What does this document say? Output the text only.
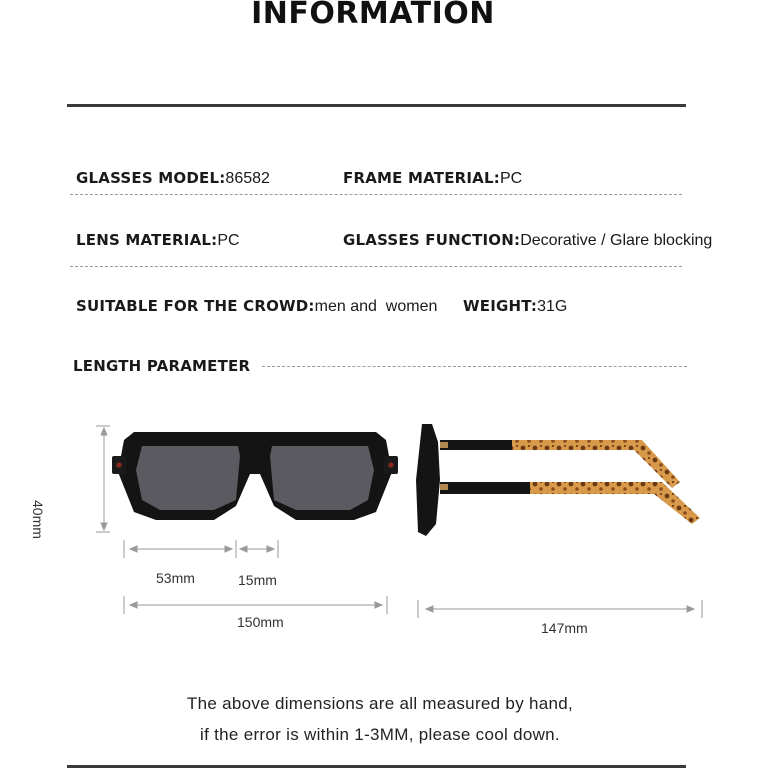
INFORMATION
GLASSES MODEL:86582	FRAME MATERIAL:PC
LENS MATERIAL:PC	GLASSES FUNCTION:Decorative / Glare blocking
SUITABLE FOR THE CROWD:men and  women WEIGHT:31G
LENGTH PARAMETER
40mm
53mm	15mm
150mm	147mm
The above dimensions are all measured by hand,
if the error is within 1-3MM, please cool down.
